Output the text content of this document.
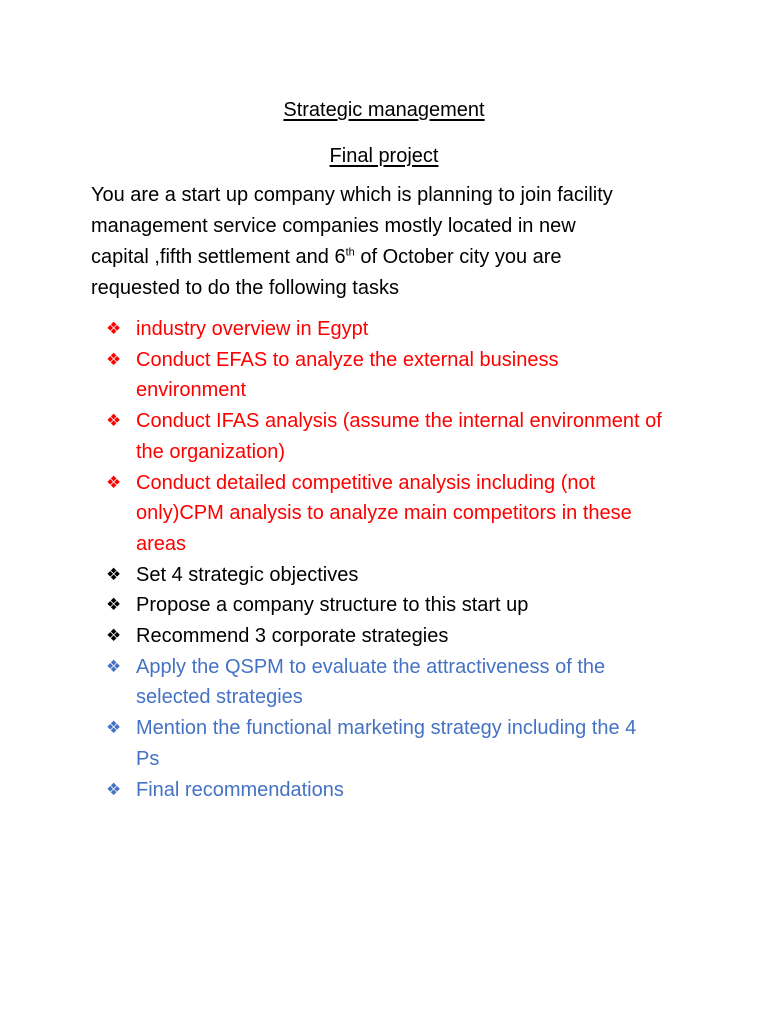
Strategic management
Final project
You are a start up company which is planning to join facility
management service companies mostly located in new
capital ,fifth settlement and 6th of October city you are
requested to do the following tasks
❖ industry overview in Egypt
❖ Conduct EFAS to analyze the external business
environment
❖ Conduct IFAS analysis (assume the internal environment of
the organization)
❖ Conduct detailed competitive analysis including (not
only)CPM analysis to analyze main competitors in these
areas
❖ Set 4 strategic objectives
❖ Propose a company structure to this start up
❖ Recommend 3 corporate strategies
❖ Apply the QSPM to evaluate the attractiveness of the
selected strategies
❖ Mention the functional marketing strategy including the 4
Ps
❖ Final recommendations
